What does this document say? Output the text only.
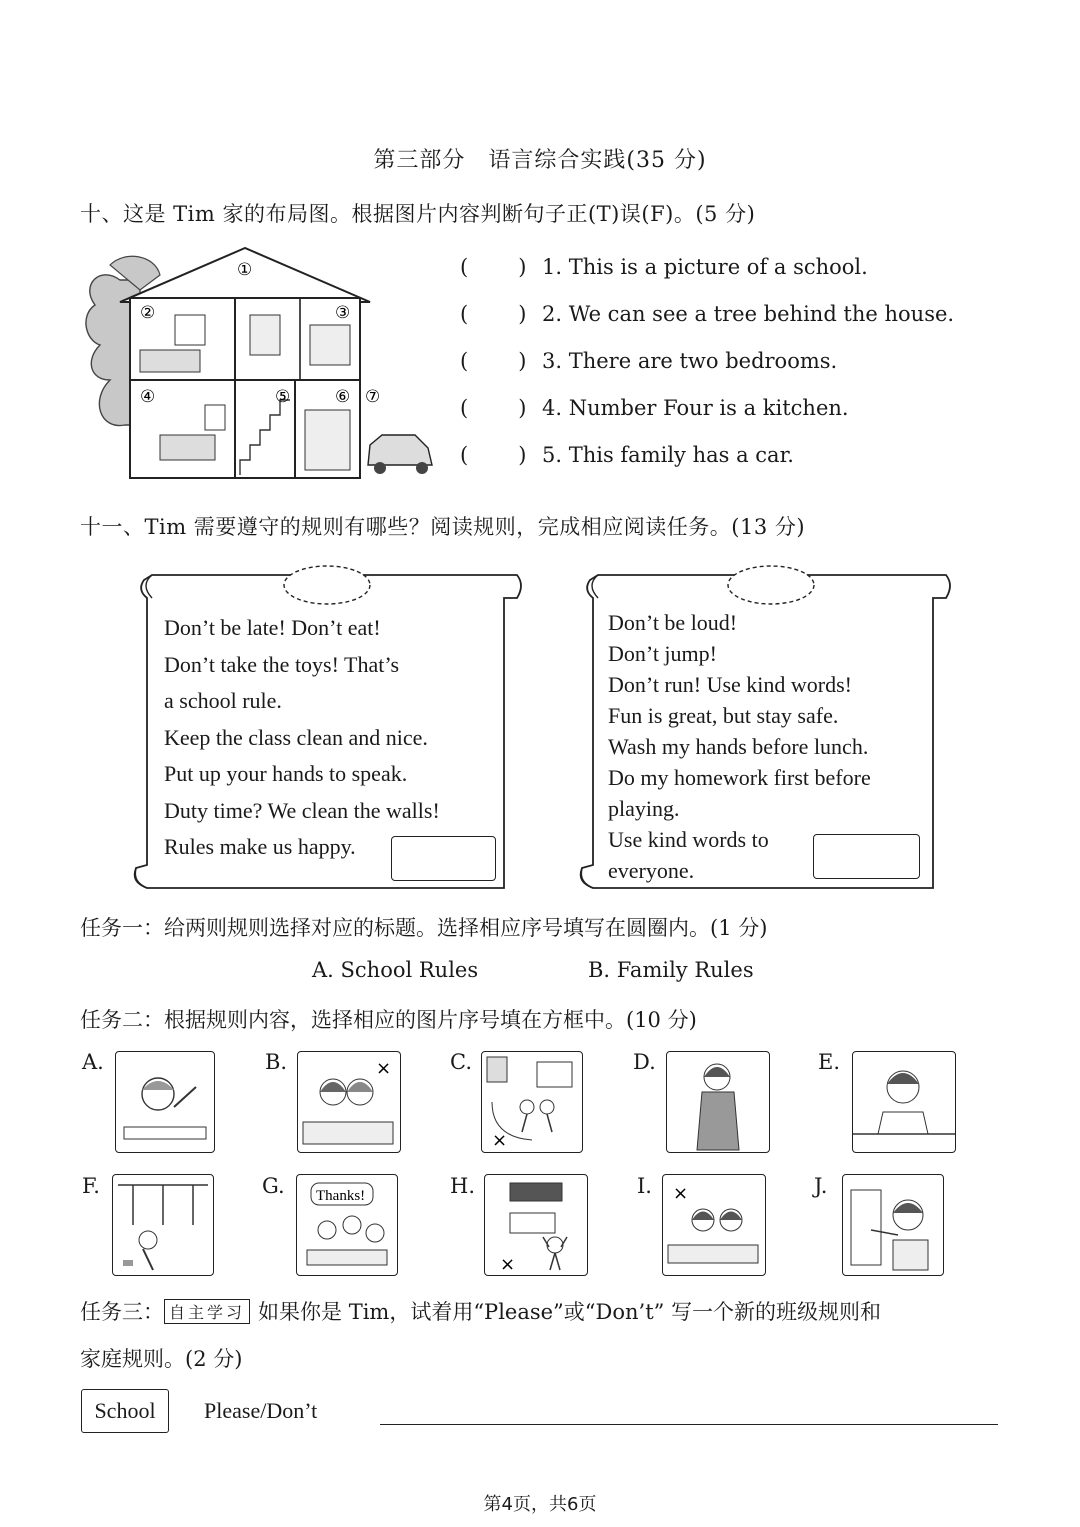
第三部分　语言综合实践(35 分)
十、这是 Tim 家的布局图。根据图片内容判断句子正(T)误(F)。(5 分)
①
②	③
④	⑤	⑥ ⑦
( ) 1. This is a picture of a school.
( ) 2. We can see a tree behind the house.
( ) 3. There are two bedrooms.
( ) 4. Number Four is a kitchen.
( ) 5. This family has a car.
十一、Tim 需要遵守的规则有哪些？阅读规则，完成相应阅读任务。(13 分)
Don’t be late! Don’t eat!
Don’t take the toys! That’s
a school rule.
Keep the class clean and nice.
Put up your hands to speak.
Duty time? We clean the walls!
Rules make us happy.
Don’t be loud!
Don’t jump!
Don’t run! Use kind words!
Fun is great, but stay safe.
Wash my hands before lunch.
Do my homework first before
playing.
Use kind words to
everyone.
任务一：给两则规则选择对应的标题。选择相应序号填写在圆圈内。(1 分)
A. School Rules	B. Family Rules
任务二：根据规则内容，选择相应的图片序号填在方框中。(10 分)
A.	B.	×	C.
×
D.	E.
F.	G. Thanks!	H.
×
I. ×	J.
任务三： 自主学习 如果你是 Tim，试着用“Please”或“Don’t” 写一个新的班级规则和
家庭规则。(2 分)
School	Please/Don’t
第4页，共6页
